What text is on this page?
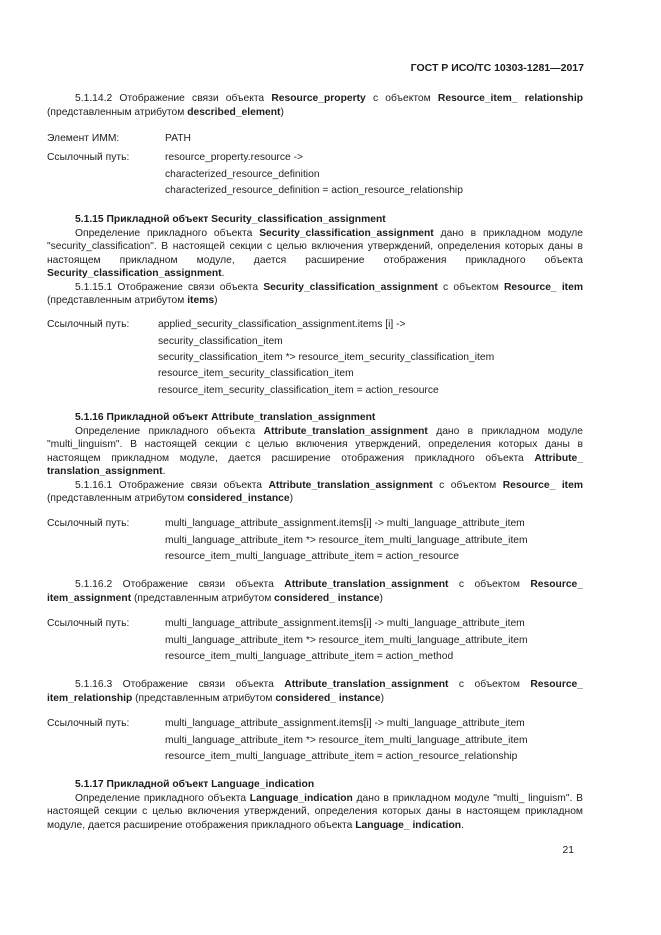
ГОСТ Р ИСО/ТС 10303-1281—2017

5.1.14.2 Отображение связи объекта Resource_property с объектом Resource_item_ relationship (представленным атрибутом described_element)

Элемент ИММ:	PATH
Ссылочный путь:	resource_property.resource ->
characterized_resource_definition
characterized_resource_definition = action_resource_relationship

5.1.15 Прикладной объект Security_classification_assignment

Определение прикладного объекта Security_classification_assignment дано в прикладном модуле "security_classification". В настоящей секции с целью включения утверждений, определения которых даны в настоящем прикладном модуле, дается расширение отображения прикладного объекта Security_classification_assignment.

5.1.15.1 Отображение связи объекта Security_classification_assignment с объектом Resource_ item (представленным атрибутом items)

Ссылочный путь:	applied_security_classification_assignment.items [i] ->
security_classification_item
security_classification_item *> resource_item_security_classification_item
resource_item_security_classification_item
resource_item_security_classification_item = action_resource

5.1.16 Прикладной объект Attribute_translation_assignment

Определение прикладного объекта Attribute_translation_assignment дано в прикладном модуле "multi_linguism". В настоящей секции с целью включения утверждений, определения которых даны в настоящем прикладном модуле, дается расширение отображения прикладного объекта Attribute_ translation_assignment.

5.1.16.1 Отображение связи объекта Attribute_translation_assignment с объектом Resource_ item (представленным атрибутом considered_instance)

Ссылочный путь:	multi_language_attribute_assignment.items[i] -> multi_language_attribute_item
multi_language_attribute_item *> resource_item_multi_language_attribute_item
resource_item_multi_language_attribute_item = action_resource

5.1.16.2 Отображение связи объекта Attribute_translation_assignment с объектом Resource_ item_assignment (представленным атрибутом considered_ instance)

Ссылочный путь:	multi_language_attribute_assignment.items[i] -> multi_language_attribute_item
multi_language_attribute_item *> resource_item_multi_language_attribute_item
resource_item_multi_language_attribute_item = action_method

5.1.16.3 Отображение связи объекта Attribute_translation_assignment с объектом Resource_ item_relationship (представленным атрибутом considered_ instance)

Ссылочный путь:	multi_language_attribute_assignment.items[i] -> multi_language_attribute_item
multi_language_attribute_item *> resource_item_multi_language_attribute_item
resource_item_multi_language_attribute_item = action_resource_relationship

5.1.17 Прикладной объект Language_indication

Определение прикладного объекта Language_indication дано в прикладном модуле "multi_ linguism". В настоящей секции с целью включения утверждений, определения которых даны в настоящем прикладном модуле, дается расширение отображения прикладного объекта Language_ indication.

21
